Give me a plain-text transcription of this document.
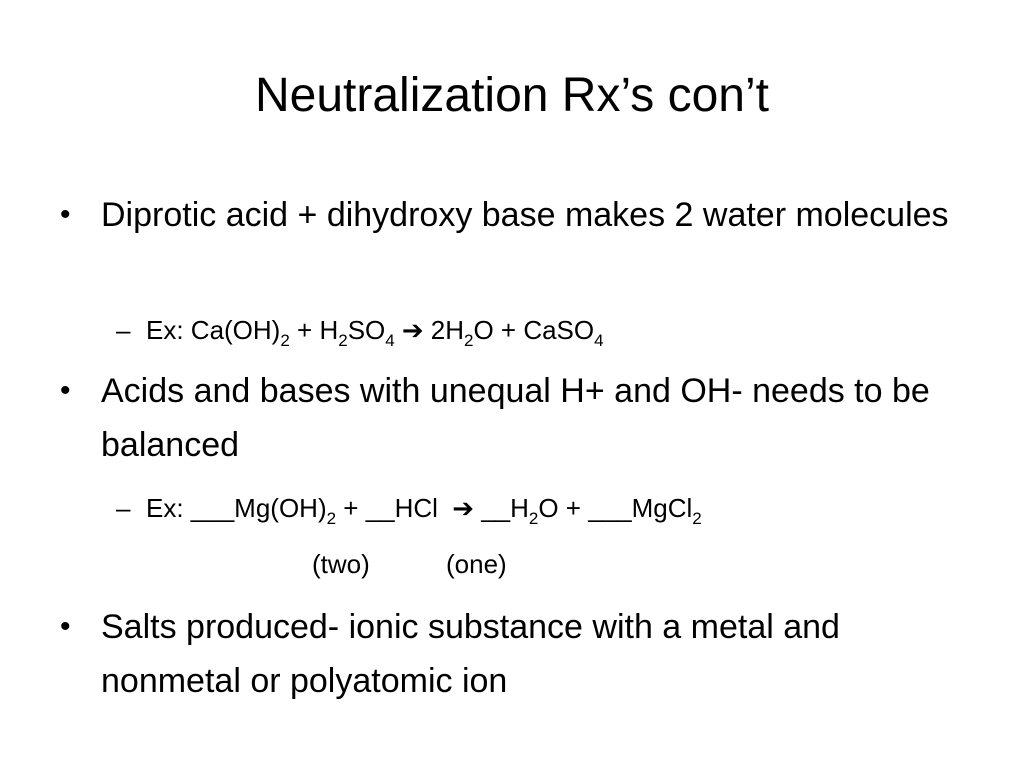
Neutralization Rx’s con’t
• Diprotic acid + dihydroxy base makes 2 water molecules
– Ex: $Ca(OH)_2 + H_2SO_4$ ➔ $2H_2O$ + CaSO$_4$
• Acids and bases with unequal H+ and OH- needs to be balanced
– Ex: $\_\_\_Mg(OH)_2$ + __HCl ➔ $\_\_H_2O$ + ___MgCl$_2$
(two)	(one)
• Salts produced- ionic substance with a metal and nonmetal or polyatomic ion
